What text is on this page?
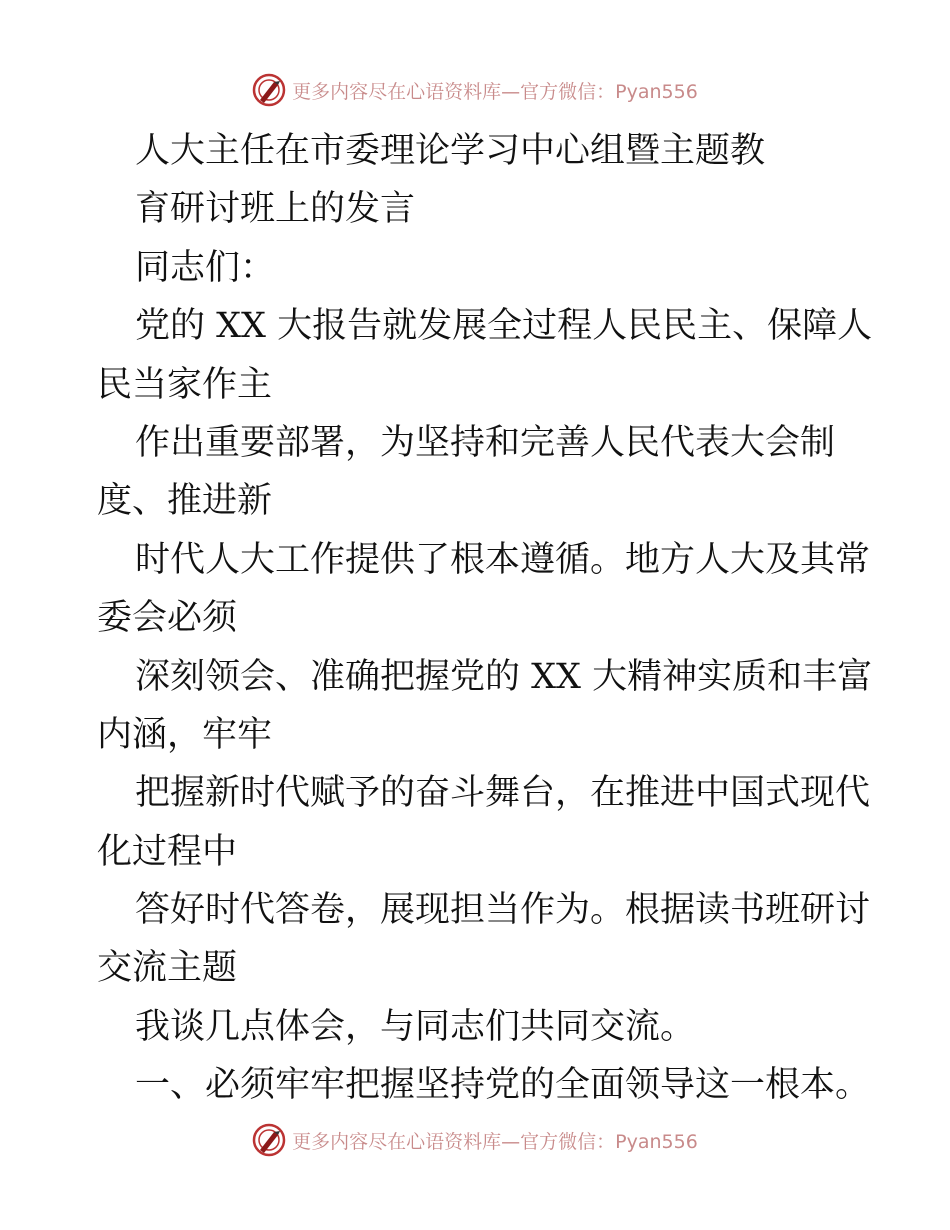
更多内容尽在心语资料库—官方微信：Pyan556
人大主任在市委理论学习中心组暨主题教
育研讨班上的发言
同志们：
党的 XX 大报告就发展全过程人民民主、保障人
民当家作主
作出重要部署，为坚持和完善人民代表大会制
度、推进新
时代人大工作提供了根本遵循。地方人大及其常
委会必须
深刻领会、准确把握党的 XX 大精神实质和丰富
内涵，牢牢
把握新时代赋予的奋斗舞台，在推进中国式现代
化过程中
答好时代答卷，展现担当作为。根据读书班研讨
交流主题
我谈几点体会，与同志们共同交流。
一、必须牢牢把握坚持党的全面领导这一根本。
更多内容尽在心语资料库—官方微信：Pyan556
